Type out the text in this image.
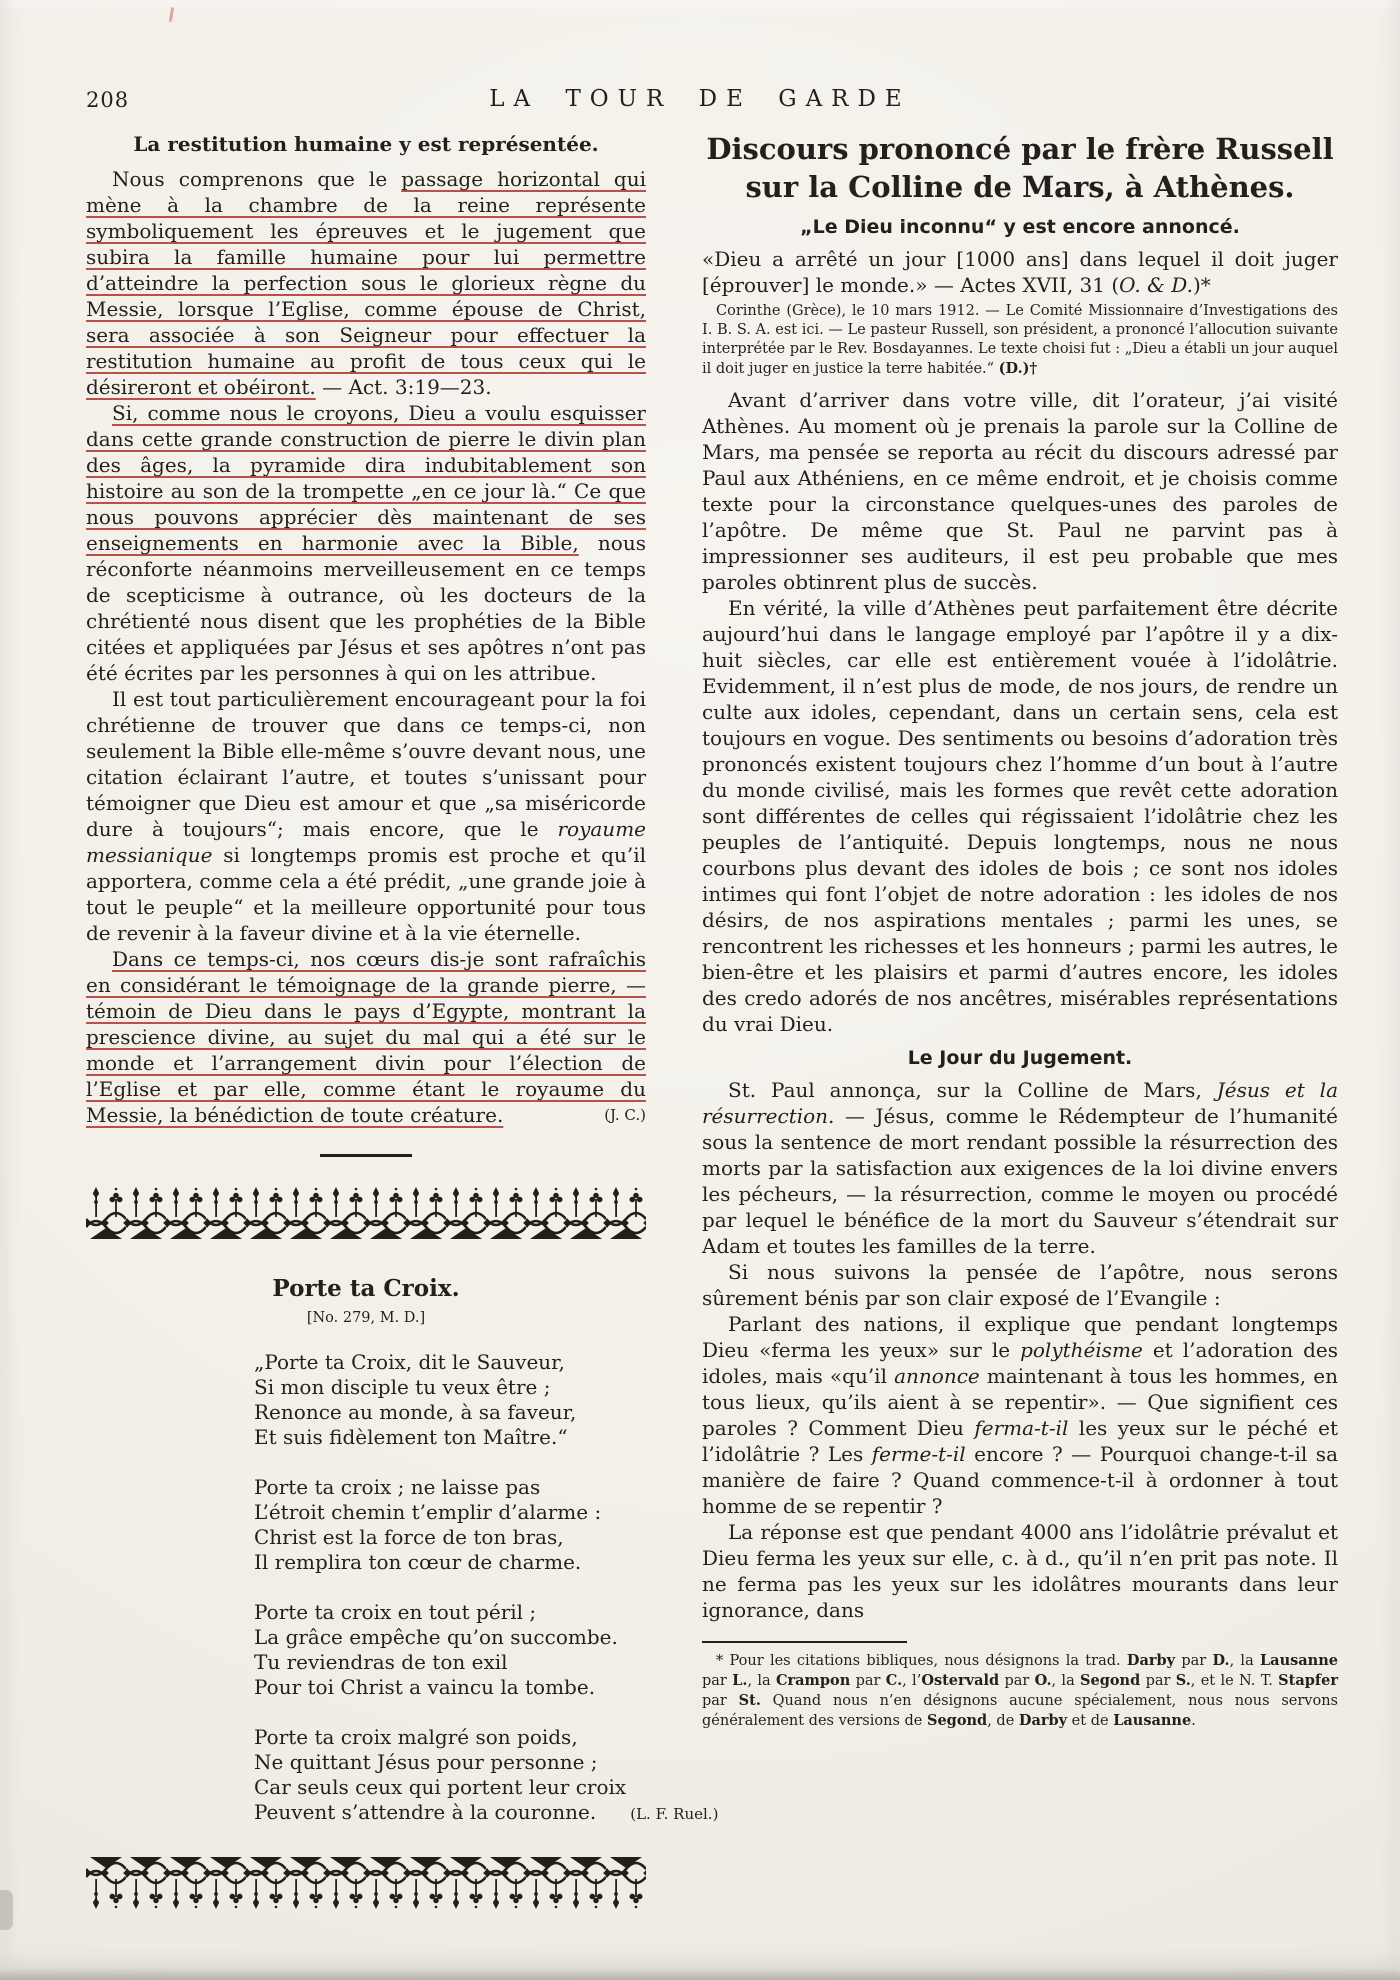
208	LA TOUR DE GARDE
La restitution humaine y est représentée.

Nous comprenons que le passage horizontal qui mène à la chambre de la reine représente symboliquement les épreuves et le jugement que subira la famille humaine pour lui permettre d’atteindre la perfection sous le glorieux règne du Messie, lorsque l’Eglise, comme épouse de Christ, sera associée à son Seigneur pour effectuer la restitution humaine au profit de tous ceux qui le désireront et obéiront. — Act. 3:19—23.

Si, comme nous le croyons, Dieu a voulu esquisser dans cette grande construction de pierre le divin plan des âges, la pyramide dira indubitablement son histoire au son de la trompette „en ce jour là.“ Ce que nous pouvons apprécier dès maintenant de ses enseignements en harmonie avec la Bible, nous réconforte néanmoins merveilleusement en ce temps de scepticisme à outrance, où les docteurs de la chrétienté nous disent que les prophéties de la Bible citées et appliquées par Jésus et ses apôtres n’ont pas été écrites par les personnes à qui on les attribue.

Il est tout particulièrement encourageant pour la foi chrétienne de trouver que dans ce temps-ci, non seulement la Bible elle-même s’ouvre devant nous, une citation éclairant l’autre, et toutes s’unissant pour témoigner que Dieu est amour et que „sa miséricorde dure à toujours“; mais encore, que le royaume messianique si longtemps promis est proche et qu’il apportera, comme cela a été prédit, „une grande joie à tout le peuple“ et la meilleure opportunité pour tous de revenir à la faveur divine et à la vie éternelle.

Dans ce temps-ci, nos cœurs dis-je sont rafraîchis en considérant le témoignage de la grande pierre, — témoin de Dieu dans le pays d’Egypte, montrant la prescience divine, au sujet du mal qui a été sur le monde et l’arrangement divin pour l’élection de l’Eglise et par elle, comme étant le royaume du Messie, la bénédiction de toute créature.	(J. C.)

Porte ta Croix.
[No. 279, M. D.]
„Porte ta Croix, dit le Sauveur,
Si mon disciple tu veux être ;
Renonce au monde, à sa faveur,
Et suis fidèlement ton Maître.“
Porte ta croix ; ne laisse pas
L’étroit chemin t’emplir d’alarme :
Christ est la force de ton bras,
Il remplira ton cœur de charme.
Porte ta croix en tout péril ;
La grâce empêche qu’on succombe.
Tu reviendras de ton exil
Pour toi Christ a vaincu la tombe.
Porte ta croix malgré son poids,
Ne quittant Jésus pour personne ;
Car seuls ceux qui portent leur croix
Peuvent s’attendre à la couronne. (L. F. Ruel.)
Discours prononcé par le frère Russell sur la Colline de Mars, à Athènes.
„Le Dieu inconnu“ y est encore annoncé.

«Dieu a arrêté un jour [1000 ans] dans lequel il doit juger [éprouver] le monde.» — Actes XVII, 31 (O. & D.)*

Corinthe (Grèce), le 10 mars 1912. — Le Comité Missionnaire d’Investigations des I. B. S. A. est ici. — Le pasteur Russell, son président, a prononcé l’allocution suivante interprétée par le Rev. Bosdayannes. Le texte choisi fut : „Dieu a établi un jour auquel il doit juger en justice la terre habitée.“ (D.)†

Avant d’arriver dans votre ville, dit l’orateur, j’ai visité Athènes. Au moment où je prenais la parole sur la Colline de Mars, ma pensée se reporta au récit du discours adressé par Paul aux Athéniens, en ce même endroit, et je choisis comme texte pour la circonstance quelques-unes des paroles de l’apôtre. De même que St. Paul ne parvint pas à impressionner ses auditeurs, il est peu probable que mes paroles obtinrent plus de succès.

En vérité, la ville d’Athènes peut parfaitement être décrite aujourd’hui dans le langage employé par l’apôtre il y a dix-huit siècles, car elle est entièrement vouée à l’idolâtrie. Evidemment, il n’est plus de mode, de nos jours, de rendre un culte aux idoles, cependant, dans un certain sens, cela est toujours en vogue. Des sentiments ou besoins d’adoration très prononcés existent toujours chez l’homme d’un bout à l’autre du monde civilisé, mais les formes que revêt cette adoration sont différentes de celles qui régissaient l’idolâtrie chez les peuples de l’antiquité. Depuis longtemps, nous ne nous courbons plus devant des idoles de bois ; ce sont nos idoles intimes qui font l’objet de notre adoration : les idoles de nos désirs, de nos aspirations mentales ; parmi les unes, se rencontrent les richesses et les honneurs ; parmi les autres, le bien-être et les plaisirs et parmi d’autres encore, les idoles des credo adorés de nos ancêtres, misérables représentations du vrai Dieu.

Le Jour du Jugement.

St. Paul annonça, sur la Colline de Mars, Jésus et la résurrection. — Jésus, comme le Rédempteur de l’humanité sous la sentence de mort rendant possible la résurrection des morts par la satisfaction aux exigences de la loi divine envers les pécheurs, — la résurrection, comme le moyen ou procédé par lequel le bénéfice de la mort du Sauveur s’étendrait sur Adam et toutes les familles de la terre.

Si nous suivons la pensée de l’apôtre, nous serons sûrement bénis par son clair exposé de l’Evangile :

Parlant des nations, il explique que pendant longtemps Dieu «ferma les yeux» sur le polythéisme et l’adoration des idoles, mais «qu’il annonce maintenant à tous les hommes, en tous lieux, qu’ils aient à se repentir». — Que signifient ces paroles ? Comment Dieu ferma-t-il les yeux sur le péché et l’idolâtrie ? Les ferme-t-il encore ? — Pourquoi change-t-il sa manière de faire ? Quand commence-t-il à ordonner à tout homme de se repentir ?

La réponse est que pendant 4000 ans l’idolâtrie prévalut et Dieu ferma les yeux sur elle, c. à d., qu’il n’en prit pas note. Il ne ferma pas les yeux sur les idolâtres mourants dans leur ignorance, dans

* Pour les citations bibliques, nous désignons la trad. Darby par D., la Lausanne par L., la Crampon par C., l’Ostervald par O., la Segond par S., et le N. T. Stapfer par St. Quand nous n’en désignons aucune spécialement, nous nous servons généralement des versions de Segond, de Darby et de Lausanne.
